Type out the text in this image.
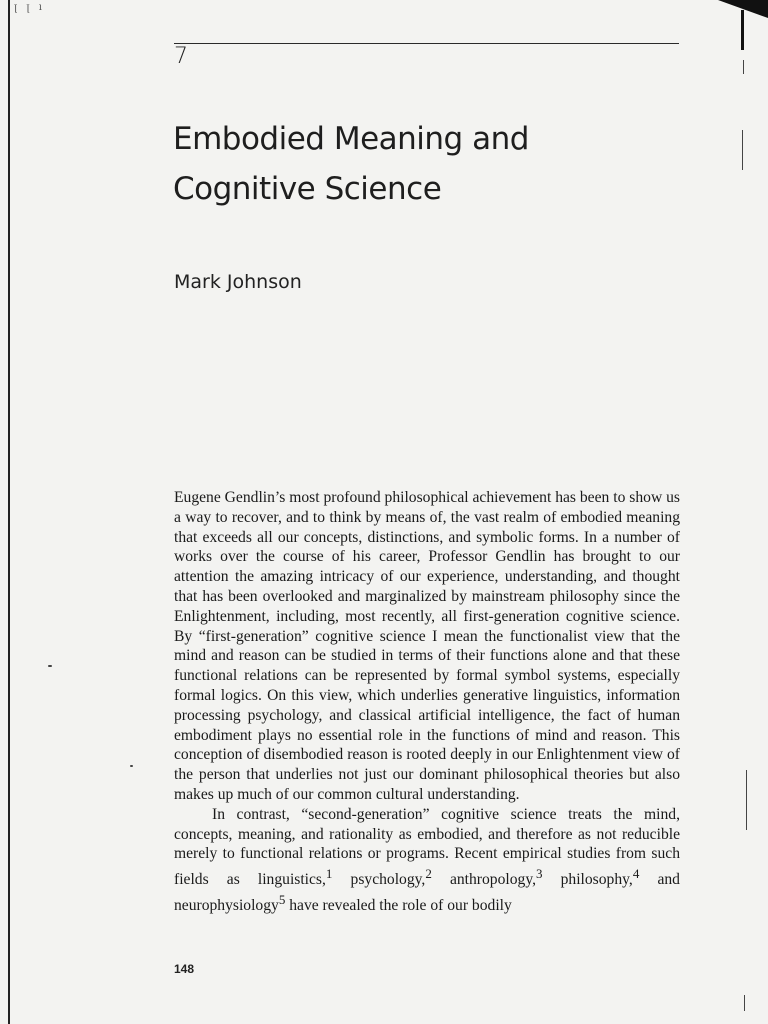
ꞁ ꞁ ı
7
Embodied Meaning and Cognitive Science
Mark Johnson

Eugene Gendlin’s most profound philosophical achievement has been to show us a way to recover, and to think by means of, the vast realm of embodied meaning that exceeds all our concepts, distinctions, and symbolic forms. In a number of works over the course of his career, Professor Gendlin has brought to our attention the amazing intricacy of our experience, understanding, and thought that has been overlooked and marginalized by mainstream philosophy since the Enlightenment, including, most recently, all first-generation cognitive science. By “first-generation” cognitive science I mean the functionalist view that the mind and reason can be studied in terms of their functions alone and that these functional relations can be represented by formal symbol systems, especially formal logics. On this view, which underlies generative linguistics, information processing psychology, and classical artificial intelligence, the fact of human embodiment plays no essential role in the functions of mind and reason. This conception of disembodied reason is rooted deeply in our Enlightenment view of the person that underlies not just our dominant philosophical theories but also makes up much of our common cultural understanding.

In contrast, “second-generation” cognitive science treats the mind, concepts, meaning, and rationality as embodied, and therefore as not reducible merely to functional relations or programs. Recent empirical studies from such fields as linguistics,$^1$ psychology,$^2$ anthropology,$^3$ philosophy,$^4$ and neurophysiology$^5$ have revealed the role of our bodily

148
